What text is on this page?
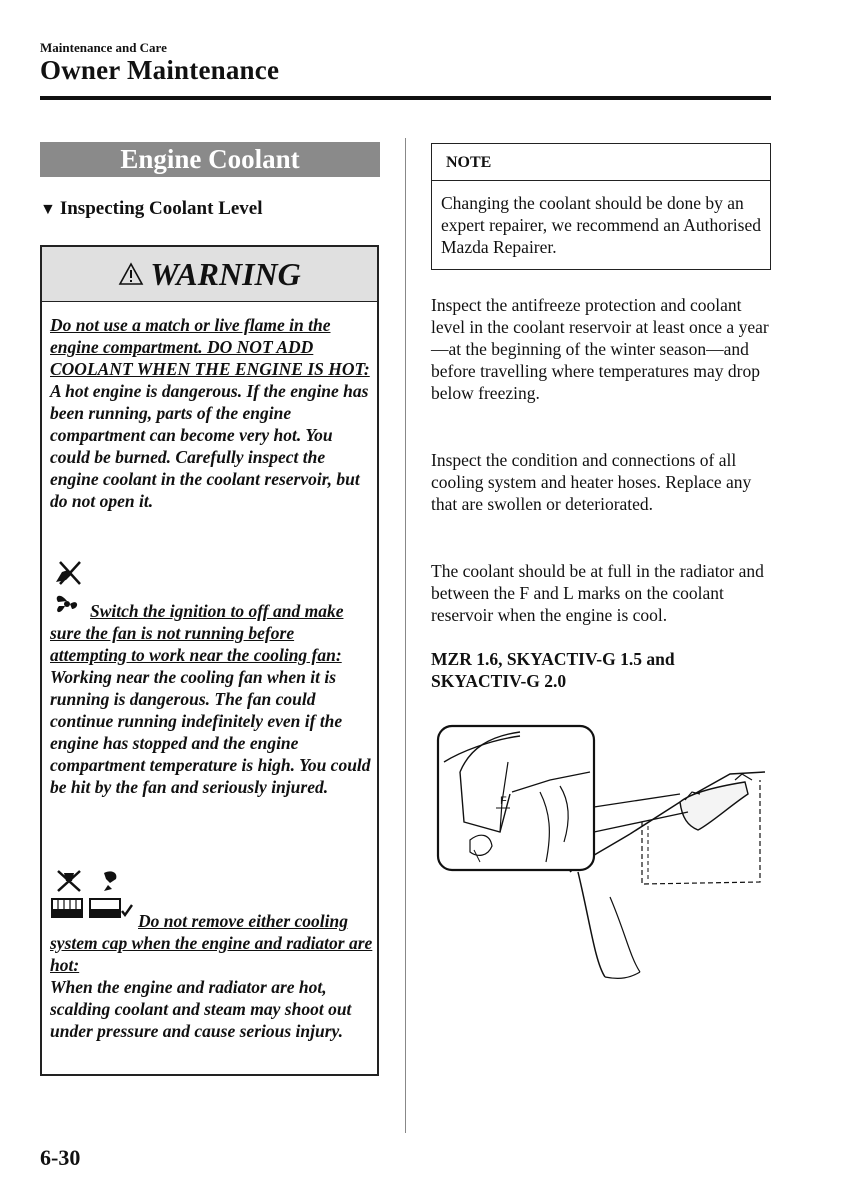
Maintenance and Care
Owner Maintenance
Engine Coolant
▼ Inspecting Coolant Level
WARNING
Do not use a match or live flame in the engine compartment. DO NOT ADD COOLANT WHEN THE ENGINE IS HOT:
A hot engine is dangerous. If the engine has been running, parts of the engine compartment can become very hot. You could be burned. Carefully inspect the engine coolant in the coolant reservoir, but do not open it.
Switch the ignition to off and make sure the fan is not running before attempting to work near the cooling fan:
Working near the cooling fan when it is running is dangerous. The fan could continue running indefinitely even if the engine has stopped and the engine compartment temperature is high. You could be hit by the fan and seriously injured.
Do not remove either cooling system cap when the engine and radiator are hot:
When the engine and radiator are hot, scalding coolant and steam may shoot out under pressure and cause serious injury.
NOTE
Changing the coolant should be done by an expert repairer, we recommend an Authorised Mazda Repairer.
Inspect the antifreeze protection and coolant level in the coolant reservoir at least once a year—at the beginning of the winter season—and before travelling where temperatures may drop below freezing.
Inspect the condition and connections of all cooling system and heater hoses. Replace any that are swollen or deteriorated.
The coolant should be at full in the radiator and between the F and L marks on the coolant reservoir when the engine is cool.
MZR 1.6, SKYACTIV-G 1.5 and SKYACTIV-G 2.0
F
6-30
